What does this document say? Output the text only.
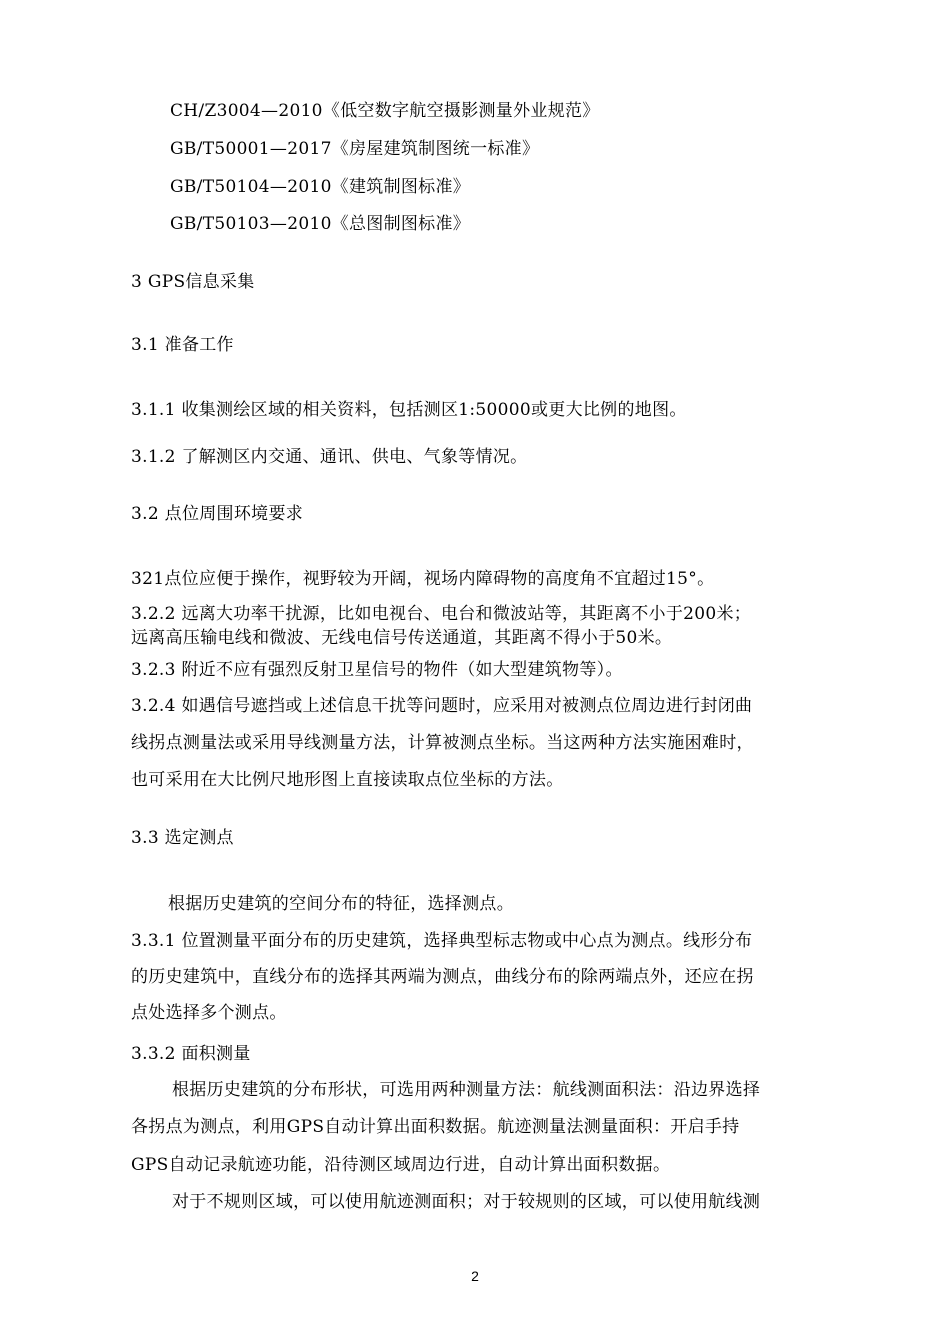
CH/Z3004—2010《低空数字航空摄影测量外业规范》
GB/T50001—2017《房屋建筑制图统一标准》
GB/T50104—2010《建筑制图标准》
GB/T50103—2010《总图制图标准》
3 GPS信息采集
3.1 准备工作
3.1.1 收集测绘区域的相关资料，包括测区1:50000或更大比例的地图。
3.1.2 了解测区内交通、通讯、供电、气象等情况。
3.2 点位周围环境要求
321点位应便于操作，视野较为开阔，视场内障碍物的高度角不宜超过15°。
3.2.2 远离大功率干扰源，比如电视台、电台和微波站等，其距离不小于200米；
远离高压输电线和微波、无线电信号传送通道，其距离不得小于50米。
3.2.3 附近不应有强烈反射卫星信号的物件（如大型建筑物等）。
3.2.4 如遇信号遮挡或上述信息干扰等问题时，应采用对被测点位周边进行封闭曲
线拐点测量法或采用导线测量方法，计算被测点坐标。当这两种方法实施困难时，
也可采用在大比例尺地形图上直接读取点位坐标的方法。
3.3 选定测点
根据历史建筑的空间分布的特征，选择测点。
3.3.1 位置测量平面分布的历史建筑，选择典型标志物或中心点为测点。线形分布
的历史建筑中，直线分布的选择其两端为测点，曲线分布的除两端点外，还应在拐
点处选择多个测点。
3.3.2 面积测量
根据历史建筑的分布形状，可选用两种测量方法：航线测面积法：沿边界选择
各拐点为测点，利用GPS自动计算出面积数据。航迹测量法测量面积：开启手持
GPS自动记录航迹功能，沿待测区域周边行进，自动计算出面积数据。
对于不规则区域，可以使用航迹测面积；对于较规则的区域，可以使用航线测
2
